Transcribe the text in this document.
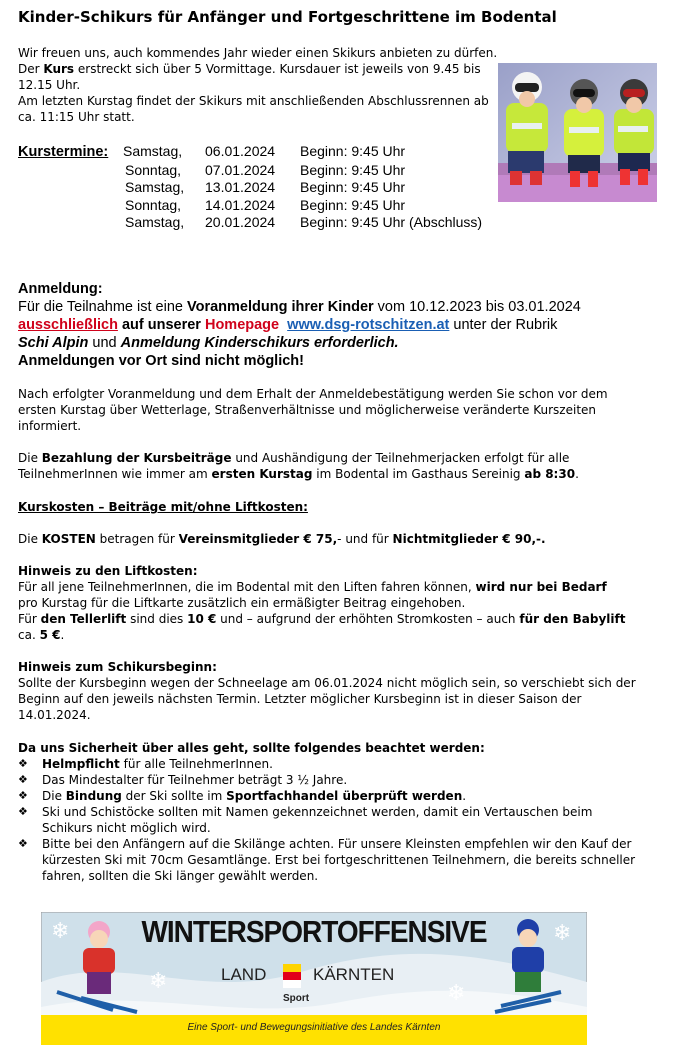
Kinder-Schikurs für Anfänger und Fortgeschrittene im Bodental
Wir freuen uns, auch kommendes Jahr wieder einen Skikurs anbieten zu dürfen.
Der Kurs erstreckt sich über 5 Vormittage. Kursdauer ist jeweils von 9.45 bis
12.15 Uhr.
Am letzten Kurstag findet der Skikurs mit anschließenden Abschlussrennen ab
ca. 11:15 Uhr statt.
Kurstermine:	Samstag,	06.01.2024	Beginn: 9:45 Uhr
	Sonntag,	07.01.2024	Beginn: 9:45 Uhr
	Samstag,	13.01.2024	Beginn: 9:45 Uhr
	Sonntag,	14.01.2024	Beginn: 9:45 Uhr
	Samstag,	20.01.2024	Beginn: 9:45 Uhr (Abschluss)
Anmeldung:
Für die Teilnahme ist eine Voranmeldung ihrer Kinder vom 10.12.2023 bis 03.01.2024
ausschließlich auf unserer Homepage www.dsg-rotschitzen.at unter der Rubrik
Schi Alpin und Anmeldung Kinderschikurs erforderlich.
Anmeldungen vor Ort sind nicht möglich!
Nach erfolgter Voranmeldung und dem Erhalt der Anmeldebestätigung werden Sie schon vor dem
ersten Kurstag über Wetterlage, Straßenverhältnisse und möglicherweise veränderte Kurszeiten
informiert.
Die Bezahlung der Kursbeiträge und Aushändigung der Teilnehmerjacken erfolgt für alle
TeilnehmerInnen wie immer am ersten Kurstag im Bodental im Gasthaus Sereinig ab 8:30.
Kurskosten – Beiträge mit/ohne Liftkosten:
Die KOSTEN betragen für Vereinsmitglieder € 75,- und für Nichtmitglieder € 90,-.
Hinweis zu den Liftkosten:
Für all jene TeilnehmerInnen, die im Bodental mit den Liften fahren können, wird nur bei Bedarf
pro Kurstag für die Liftkarte zusätzlich ein ermäßigter Beitrag eingehoben.
Für den Tellerlift sind dies 10 € und – aufgrund der erhöhten Stromkosten – auch für den Babylift
ca. 5 €.
Hinweis zum Schikursbeginn:
Sollte der Kursbeginn wegen der Schneelage am 06.01.2024 nicht möglich sein, so verschiebt sich der
Beginn auf den jeweils nächsten Termin. Letzter möglicher Kursbeginn ist in dieser Saison der
14.01.2024.
Da uns Sicherheit über alles geht, sollte folgendes beachtet werden:
❖ Helmpflicht für alle TeilnehmerInnen.
❖ Das Mindestalter für Teilnehmer beträgt 3 ½ Jahre.
❖ Die Bindung der Ski sollte im Sportfachhandel überprüft werden.
❖ Ski und Schistöcke sollten mit Namen gekennzeichnet werden, damit ein Vertauschen beim
Schikurs nicht möglich wird.
❖ Bitte bei den Anfängern auf die Skilänge achten. Für unsere Kleinsten empfehlen wir den Kauf der
kürzesten Ski mit 70cm Gesamtlänge. Erst bei fortgeschrittenen Teilnehmern, die bereits schneller
fahren, sollten die Ski länger gewählt werden.
❄
❄	❄
❄
WINTERSPORTOFFENSIVE
LAND	KÄRNTEN
Sport
Eine Sport- und Bewegungsinitiative des Landes Kärnten
